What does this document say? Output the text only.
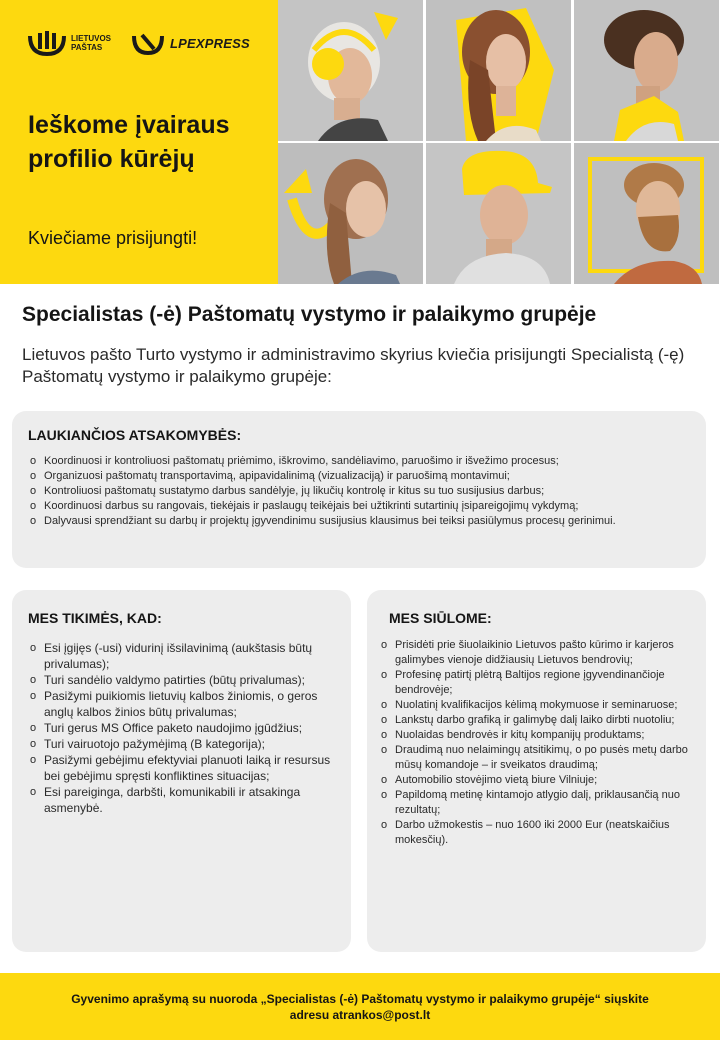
LIETUVOS
PAŠTAS	LPEXPRESS
Ieškome įvairaus profilio kūrėjų
Kviečiame prisijungti!
Specialistas (-ė) Paštomatų vystymo ir palaikymo grupėje

Lietuvos pašto Turto vystymo ir administravimo skyrius kviečia prisijungti Specialistą (-ę) Paštomatų vystymo ir palaikymo grupėje:

LAUKIANČIOS ATSAKOMYBĖS:
o Koordinuosi ir kontroliuosi paštomatų priėmimo, iškrovimo, sandėliavimo, paruošimo ir išvežimo procesus;
o Organizuosi paštomatų transportavimą, apipavidalinimą (vizualizaciją) ir paruošimą montavimui;
o Kontroliuosi paštomatų sustatymo darbus sandėlyje, jų likučių kontrolę ir kitus su tuo susijusius darbus;
o Koordinuosi darbus su rangovais, tiekėjais ir paslaugų teikėjais bei užtikrinti sutartinių įsipareigojimų vykdymą;
o Dalyvausi sprendžiant su darbų ir projektų įgyvendinimu susijusius klausimus bei teiksi pasiūlymus procesų gerinimui.
MES TIKIMĖS, KAD:
o Esi įgijęs (-usi) vidurinį išsilavinimą (aukštasis būtų privalumas);
o Turi sandėlio valdymo patirties (būtų privalumas);
o Pasižymi puikiomis lietuvių kalbos žiniomis, o geros anglų kalbos žinios būtų privalumas;
o Turi gerus MS Office paketo naudojimo įgūdžius;
o Turi vairuotojo pažymėjimą (B kategorija);
o Pasižymi gebėjimu efektyviai planuoti laiką ir resursus bei gebėjimu spręsti konfliktines situacijas;
o Esi pareiginga, darbšti, komunikabili ir atsakinga asmenybė.
MES SIŪLOME:
o Prisidėti prie šiuolaikinio Lietuvos pašto kūrimo ir karjeros galimybes vienoje didžiausių Lietuvos bendrovių;
o Profesinę patirtį plėtrą Baltijos regione įgyvendinančioje bendrovėje;
o Nuolatinį kvalifikacijos kėlimą mokymuose ir seminaruose;
o Lankstų darbo grafiką ir galimybę dalį laiko dirbti nuotoliu;
o Nuolaidas bendrovės ir kitų kompanijų produktams;
o Draudimą nuo nelaimingų atsitikimų, o po pusės metų darbo mūsų komandoje – ir sveikatos draudimą;
o Automobilio stovėjimo vietą biure Vilniuje;
o Papildomą metinę kintamojo atlygio dalį, priklausančią nuo rezultatų;
o Darbo užmokestis – nuo 1600 iki 2000 Eur (neatskaičius mokesčių).

Gyvenimo aprašymą su nuoroda „Specialistas (-ė) Paštomatų vystymo ir palaikymo grupėje“ siųskite

adresu atrankos@post.lt
